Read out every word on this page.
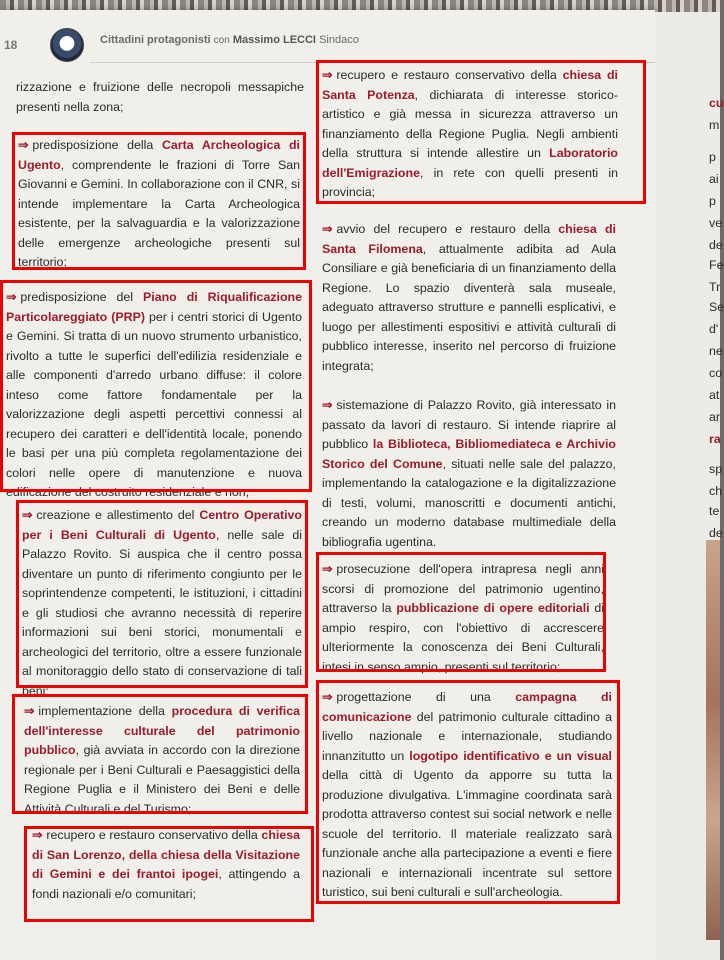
cu
m
p
ai
p
ve
de
Fe
Tr
Se
d'
ne
co
at
ar
ra
sp
ch
te
de
18	Cittadini protagonisti con Massimo LECCI Sindaco
rizzazione e fruizione delle necropoli messapiche presenti nella zona;
⇒ predisposizione della Carta Archeologica di Ugento, comprendente le frazioni di Torre San Giovanni e Gemini. In collaborazione con il CNR, si intende implementare la Carta Archeologica esistente, per la salvaguardia e la valorizzazione delle emergenze archeologiche presenti sul territorio;
⇒ predisposizione del Piano di Riqualificazione Particolareggiato (PRP) per i centri storici di Ugento e Gemini. Si tratta di un nuovo strumento urbanistico, rivolto a tutte le superfici dell'edilizia residenziale e alle componenti d'arredo urbano diffuse: il colore inteso come fattore fondamentale per la valorizzazione degli aspetti percettivi connessi al recupero dei caratteri e dell'identità locale, ponendo le basi per una più completa regolamentazione dei colori nelle opere di manutenzione e nuova edificazione del costruito residenziale e non;
⇒ creazione e allestimento del Centro Operativo per i Beni Culturali di Ugento, nelle sale di Palazzo Rovito. Si auspica che il centro possa diventare un punto di riferimento congiunto per le soprintendenze competenti, le istituzioni, i cittadini e gli studiosi che avranno necessità di reperire informazioni sui beni storici, monumentali e archeologici del territorio, oltre a essere funzionale al monitoraggio dello stato di conservazione di tali beni;
⇒ implementazione della procedura di verifica dell'interesse culturale del patrimonio pubblico, già avviata in accordo con la direzione regionale per i Beni Culturali e Paesaggistici della Regione Puglia e il Ministero dei Beni e delle Attività Culturali e del Turismo;
⇒ recupero e restauro conservativo della chiesa di San Lorenzo, della chiesa della Visitazione di Gemini e dei frantoi ipogei, attingendo a fondi nazionali e/o comunitari;
⇒ recupero e restauro conservativo della chiesa di Santa Potenza, dichiarata di interesse storico-artistico e già messa in sicurezza attraverso un finanziamento della Regione Puglia. Negli ambienti della struttura si intende allestire un Laboratorio dell'Emigrazione, in rete con quelli presenti in provincia;
⇒ avvio del recupero e restauro della chiesa di Santa Filomena, attualmente adibita ad Aula Consiliare e già beneficiaria di un finanziamento della Regione. Lo spazio diventerà sala museale, adeguato attraverso strutture e pannelli esplicativi, e luogo per allestimenti espositivi e attività culturali di pubblico interesse, inserito nel percorso di fruizione integrata;
⇒ sistemazione di Palazzo Rovito, già interessato in passato da lavori di restauro. Si intende riaprire al pubblico la Biblioteca, Bibliomediateca e Archivio Storico del Comune, situati nelle sale del palazzo, implementando la catalogazione e la digitalizzazione di testi, volumi, manoscritti e documenti antichi, creando un moderno database multimediale della bibliografia ugentina.
⇒ prosecuzione dell'opera intrapresa negli anni scorsi di promozione del patrimonio ugentino, attraverso la pubblicazione di opere editoriali di ampio respiro, con l'obiettivo di accrescere ulteriormente la conoscenza dei Beni Culturali, intesi in senso ampio, presenti sul territorio;
⇒ progettazione di una campagna di comunicazione del patrimonio culturale cittadino a livello nazionale e internazionale, studiando innanzitutto un logotipo identificativo e un visual della città di Ugento da apporre su tutta la produzione divulgativa. L'immagine coordinata sarà prodotta attraverso contest sui social network e nelle scuole del territorio. Il materiale realizzato sarà funzionale anche alla partecipazione a eventi e fiere nazionali e internazionali incentrate sul settore turistico, sui beni culturali e sull'archeologia.
